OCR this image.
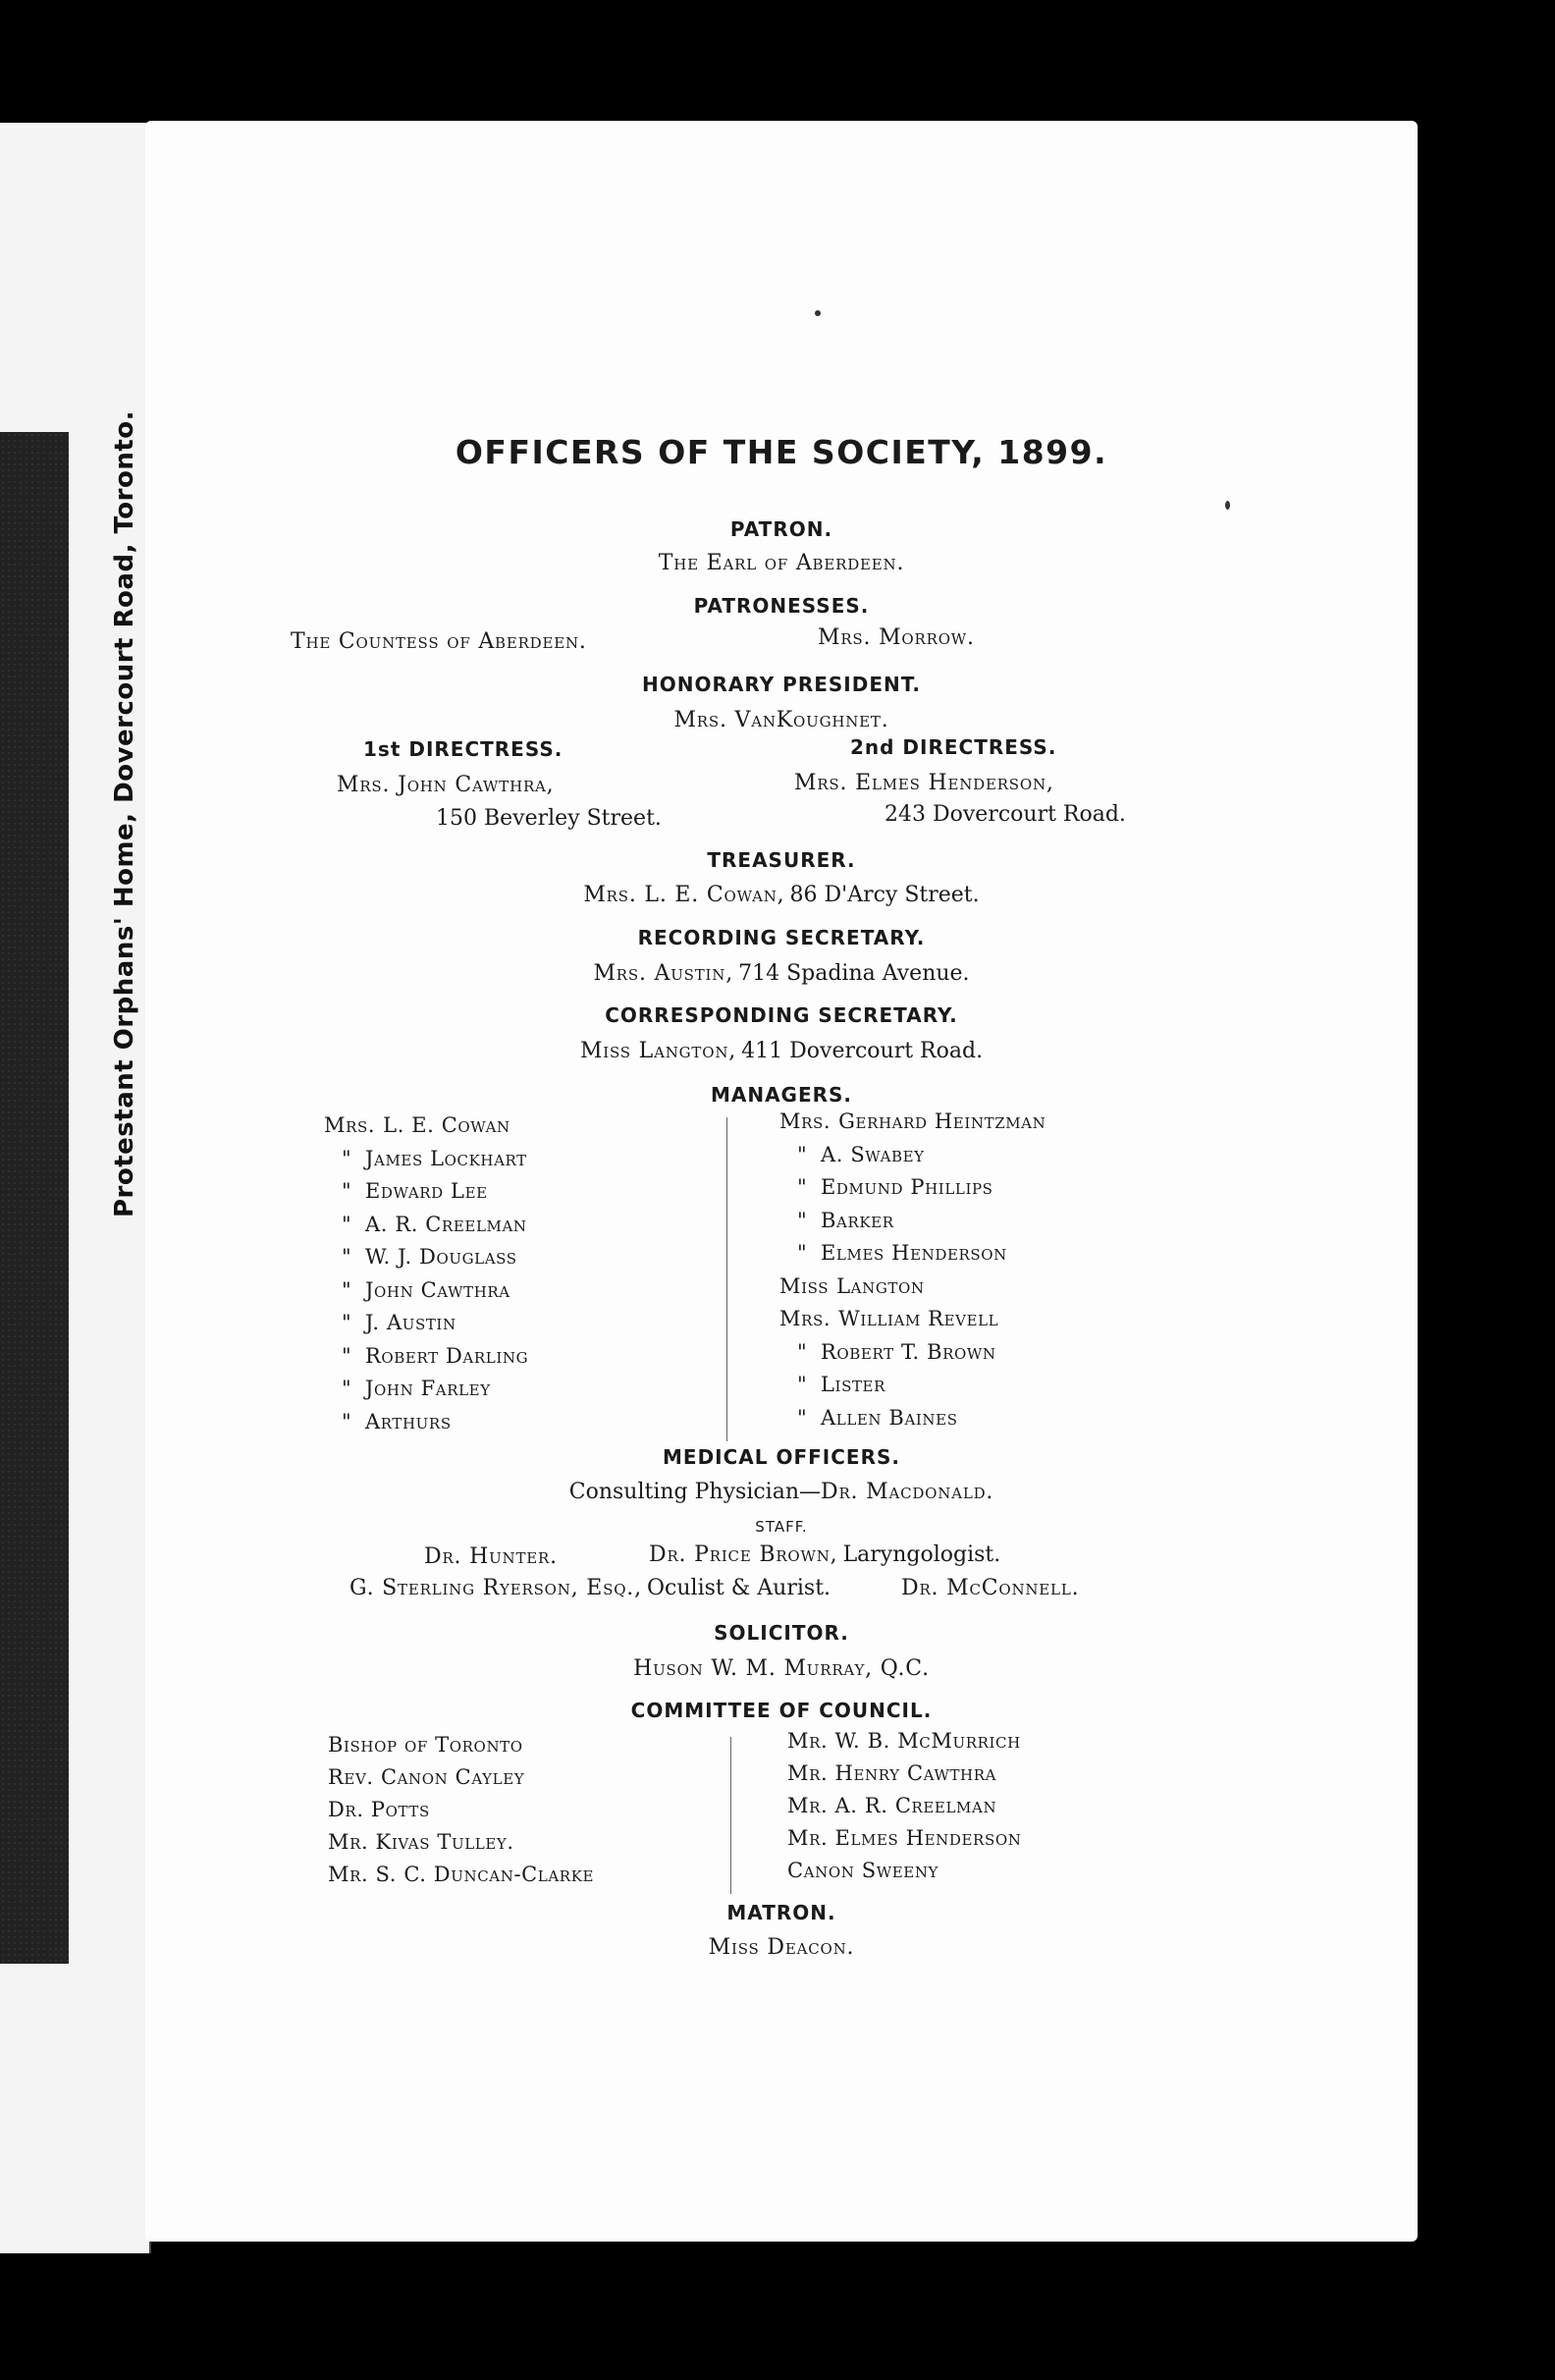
Protestant Orphans' Home, Dovercourt Road, Toronto.	OFFICERS OF THE SOCIETY, 1899.
PATRON.
The Earl of Aberdeen.
PATRONESSES.
The Countess of Aberdeen.	Mrs. Morrow.
HONORARY PRESIDENT.
Mrs. VanKoughnet.
1st DIRECTRESS.
Mrs. John Cawthra,
150 Beverley Street.
2nd DIRECTRESS.
Mrs. Elmes Henderson,
243 Dovercourt Road.
TREASURER.
Mrs. L. E. Cowan, 86 D'Arcy Street.
RECORDING SECRETARY.
Mrs. Austin, 714 Spadina Avenue.
CORRESPONDING SECRETARY.
Miss Langton, 411 Dovercourt Road.
MANAGERS.
Mrs. L. E. Cowan
" James Lockhart
" Edward Lee
" A. R. Creelman
" W. J. Douglass
" John Cawthra
" J. Austin
" Robert Darling
" John Farley
" Arthurs
Mrs. Gerhard Heintzman
" A. Swabey
" Edmund Phillips
" Barker
" Elmes Henderson
Miss Langton
Mrs. William Revell
" Robert T. Brown
" Lister
" Allen Baines
MEDICAL OFFICERS.
Consulting Physician—Dr. Macdonald.
STAFF.
Dr. Hunter.	Dr. Price Brown, Laryngologist.
G. Sterling Ryerson, Esq., Oculist & Aurist.	Dr. McConnell.
SOLICITOR.
Huson W. M. Murray, Q.C.
COMMITTEE OF COUNCIL.
Bishop of Toronto
Rev. Canon Cayley
Dr. Potts
Mr. Kivas Tulley.
Mr. S. C. Duncan-Clarke
Mr. W. B. McMurrich
Mr. Henry Cawthra
Mr. A. R. Creelman
Mr. Elmes Henderson
Canon Sweeny
MATRON.
Miss Deacon.
